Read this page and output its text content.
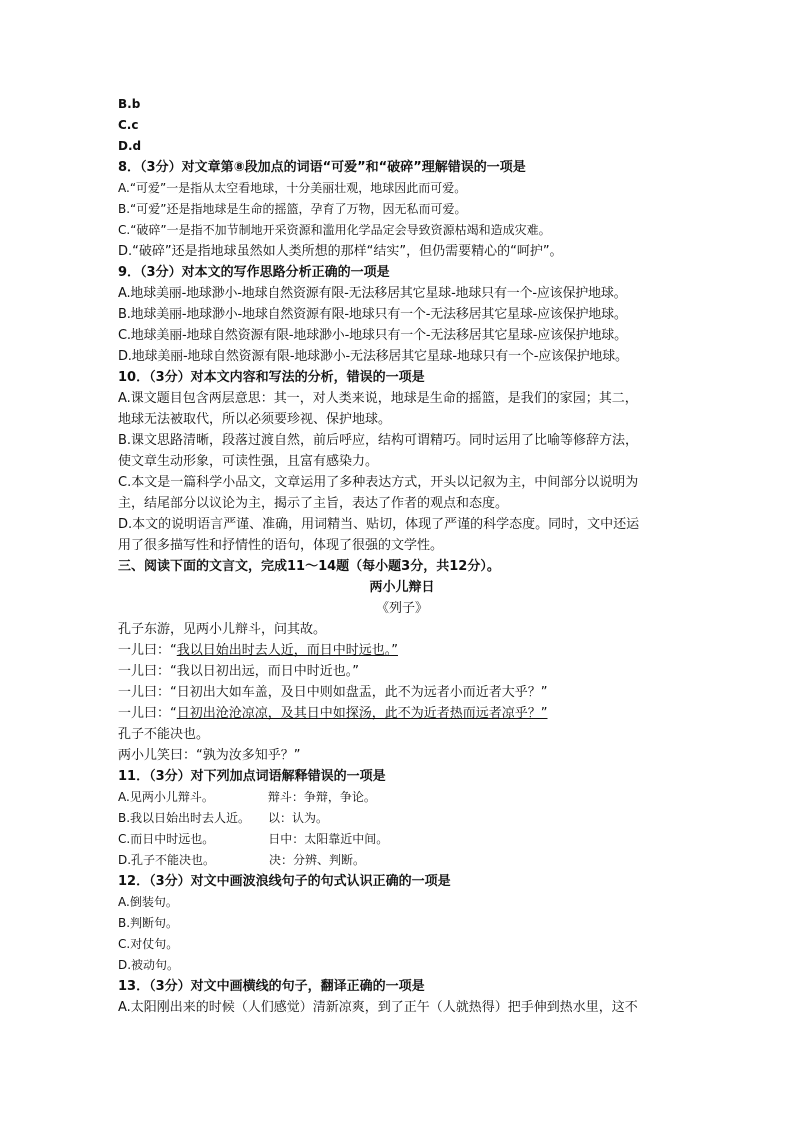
B.b
C.c
D.d
8．（3分）对文章第⑧段加点的词语“可爱”和“破碎”理解错误的一项是
A.“可爱”一是指从太空看地球，十分美丽壮观，地球因此而可爱。
B.“可爱”还是指地球是生命的摇篮，孕育了万物，因无私而可爱。
C.“破碎”一是指不加节制地开采资源和滥用化学品定会导致资源枯竭和造成灾难。
D.“破碎”还是指地球虽然如人类所想的那样“结实”，但仍需要精心的“呵护”。
9．（3分）对本文的写作思路分析正确的一项是
A.地球美丽-地球渺小-地球自然资源有限-无法移居其它星球-地球只有一个-应该保护地球。
B.地球美丽-地球渺小-地球自然资源有限-地球只有一个-无法移居其它星球-应该保护地球。
C.地球美丽-地球自然资源有限-地球渺小-地球只有一个-无法移居其它星球-应该保护地球。
D.地球美丽-地球自然资源有限-地球渺小-无法移居其它星球-地球只有一个-应该保护地球。
10．（3分）对本文内容和写法的分析，错误的一项是
A.课文题目包含两层意思：其一，对人类来说，地球是生命的摇篮，是我们的家园；其二，
地球无法被取代，所以必须要珍视、保护地球。
B.课文思路清晰，段落过渡自然，前后呼应，结构可谓精巧。同时运用了比喻等修辞方法，
使文章生动形象，可读性强，且富有感染力。
C.本文是一篇科学小品文，文章运用了多种表达方式，开头以记叙为主，中间部分以说明为
主，结尾部分以议论为主，揭示了主旨，表达了作者的观点和态度。
D.本文的说明语言严谨、准确，用词精当、贴切，体现了严谨的科学态度。同时，文中还运
用了很多描写性和抒情性的语句，体现了很强的文学性。
三、阅读下面的文言文，完成11～14题（每小题3分，共12分）。
两小儿辩日
《列子》
孔子东游，见两小儿辩斗，问其故。
一儿曰：“我以日始出时去人近，而日中时远也。”
一儿曰：“我以日初出远，而日中时近也。”
一儿曰：“日初出大如车盖，及日中则如盘盂，此不为远者小而近者大乎？”
一儿曰：“日初出沧沧凉凉，及其日中如探汤，此不为近者热而远者凉乎？”
孔子不能决也。
两小儿笑曰：“孰为汝多知乎？”
11．（3分）对下列加点词语解释错误的一项是
A.见两小儿辩斗。　　　　　辩斗：争辩，争论。
B.我以日始出时去人近。　　以：认为。
C.而日中时远也。　　　　　日中：太阳靠近中间。
D.孔子不能决也。　　　　　决：分辨、判断。
12．（3分）对文中画波浪线句子的句式认识正确的一项是
A.倒装句。
B.判断句。
C.对仗句。
D.被动句。
13．（3分）对文中画横线的句子，翻译正确的一项是
A.太阳刚出来的时候（人们感觉）清新凉爽，到了正午（人就热得）把手伸到热水里，这不
